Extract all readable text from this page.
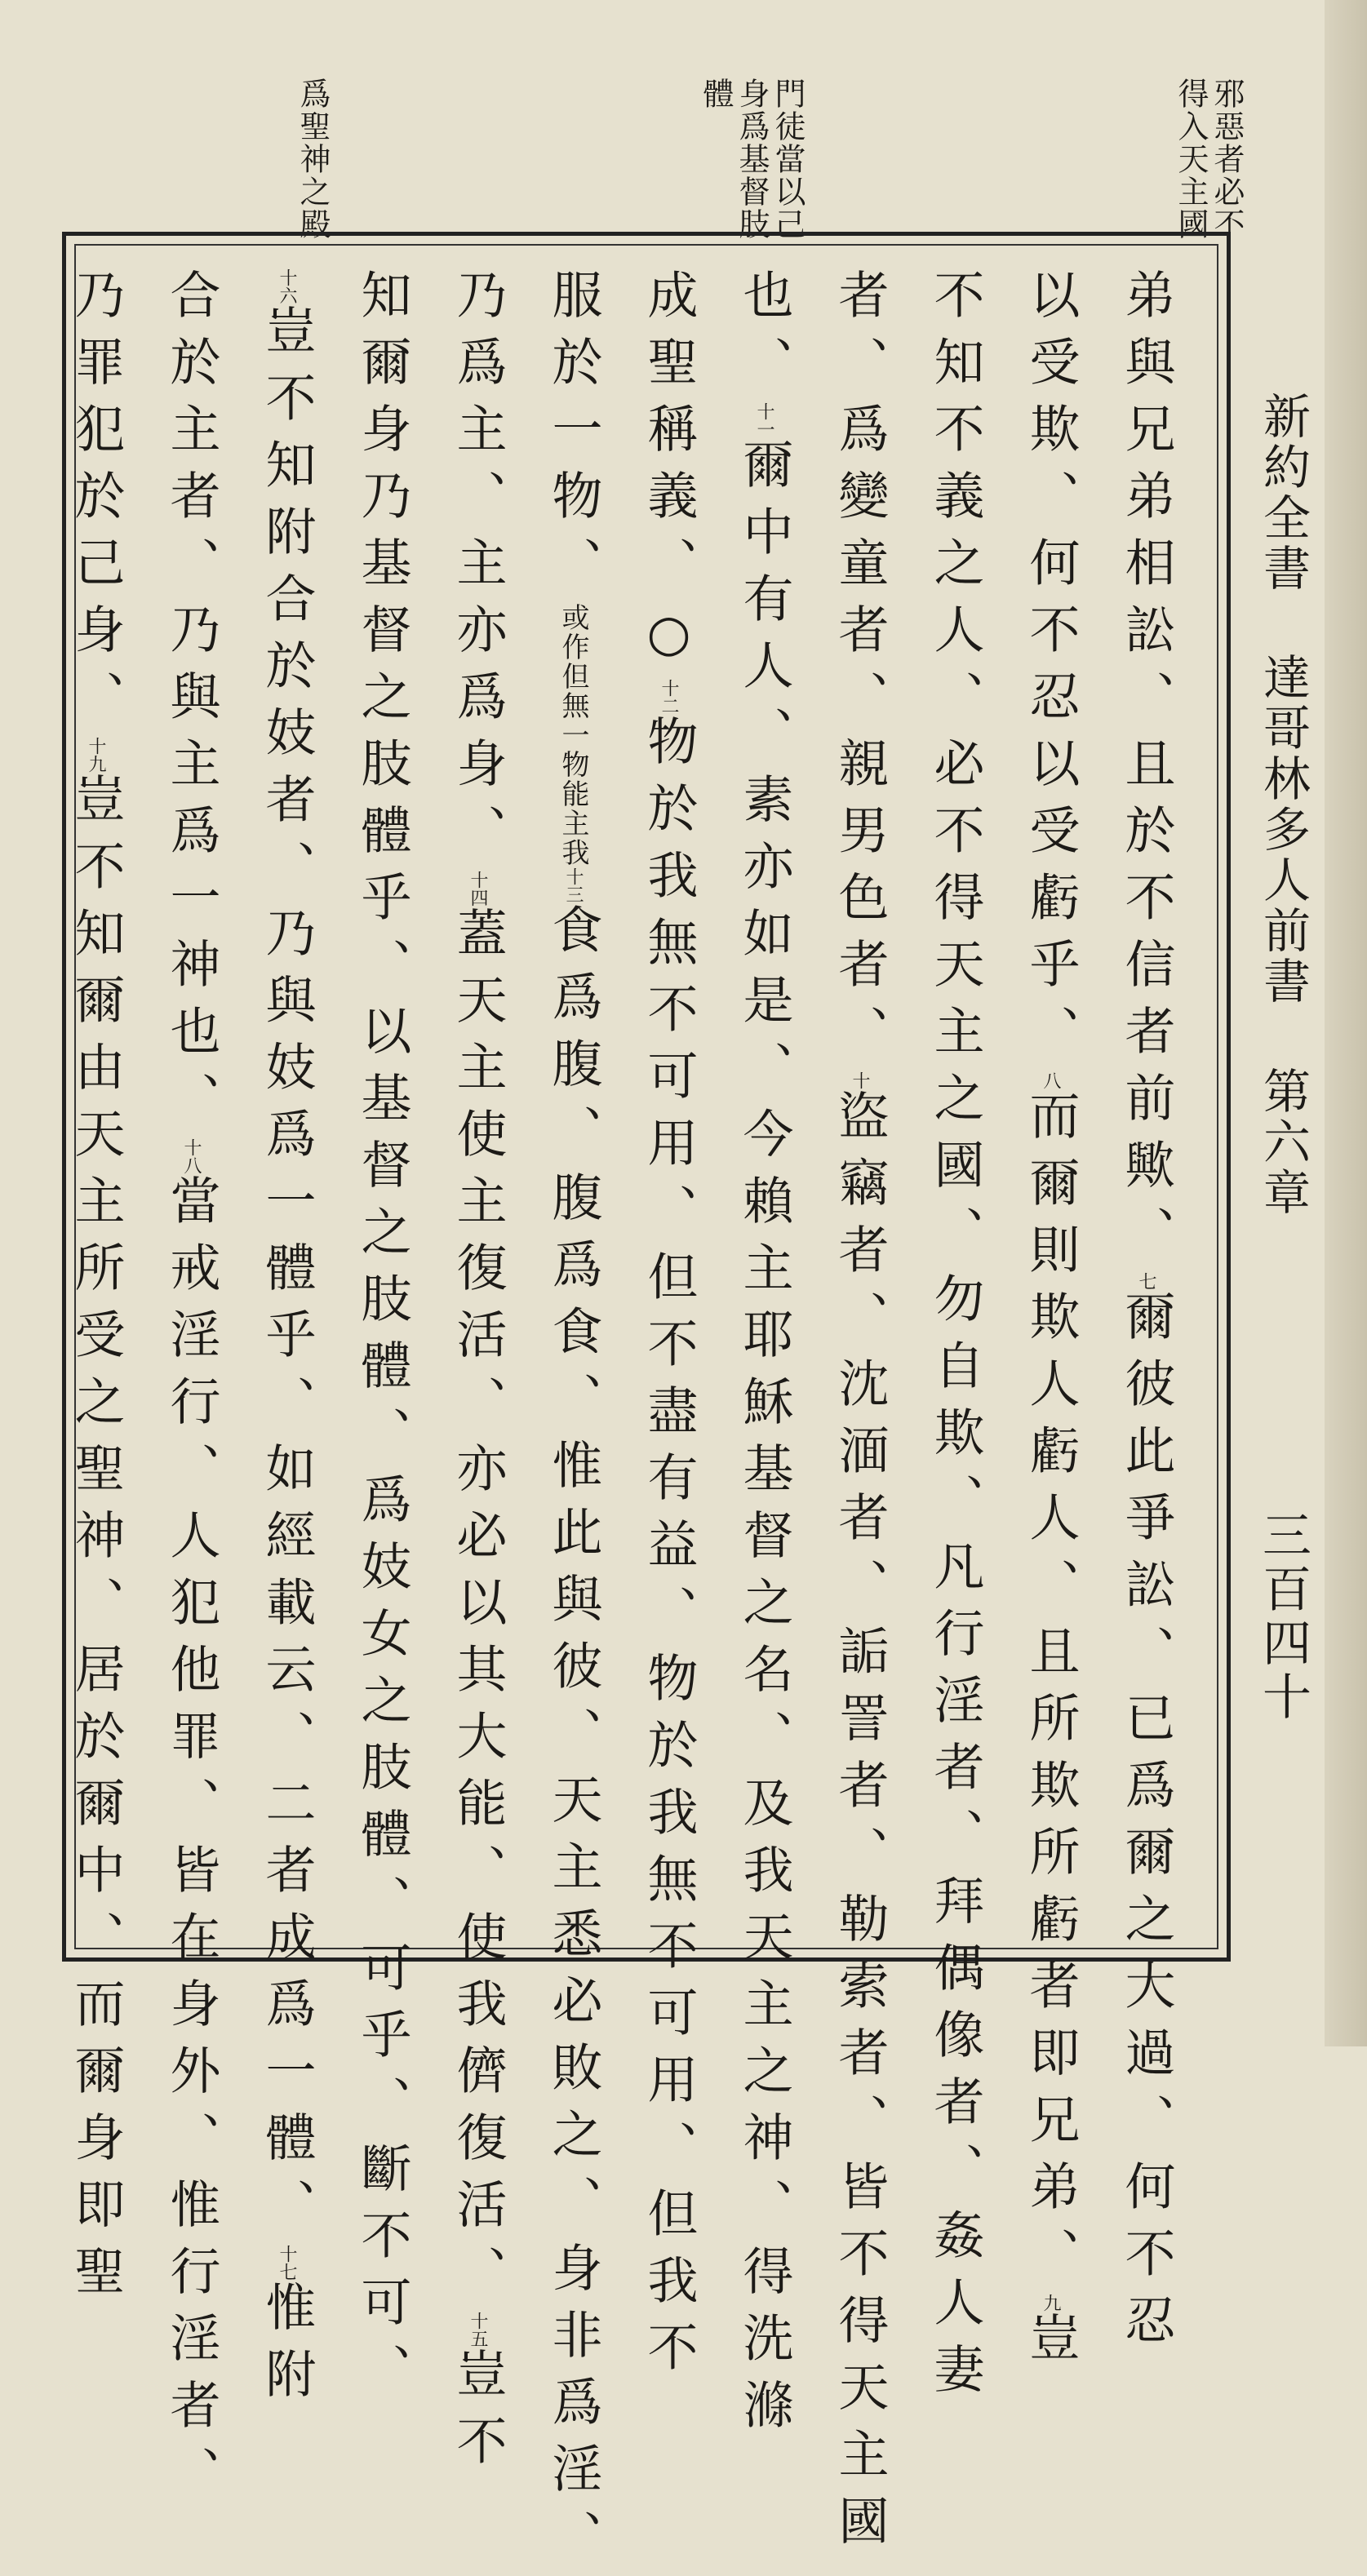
新約全書 達哥林多人前書 第六章
三百四十
邪惡者必不得入天主國 門徒當以己身爲基督肢體 爲聖神之殿
弟與兄弟相訟、且於不信者前歟、$^七$爾彼此爭訟、已爲爾之大過、何不忍
以受欺、何不忍以受虧乎、$^八$而爾則欺人虧人、且所欺所虧者即兄弟、$^九$豈
不知不義之人、必不得天主之國、勿自欺、凡行淫者、拜偶像者、姦人妻
者、爲變童者、親男色者、$^十$盜竊者、沈湎者、詬詈者、勒索者、皆不得天主國
也、$^{十一}$爾中有人、素亦如是、今賴主耶穌基督之名、及我天主之神、得洗滌
成聖稱義、○$^{十二}$物於我無不可用、但不盡有益、物於我無不可用、但我不
服於一物、或作但無一物能主我$^{十三}$食爲腹、腹爲食、惟此與彼、天主悉必敗之、身非爲淫、
乃爲主、主亦爲身、$^{十四}$蓋天主使主復活、亦必以其大能、使我儕復活、$^{十五}$豈不
知爾身乃基督之肢體乎、以基督之肢體、爲妓女之肢體、可乎、斷不可、
$^{十六}$豈不知附合於妓者、乃與妓爲一體乎、如經載云、二者成爲一體、$^{十七}$惟附
合於主者、乃與主爲一神也、$^{十八}$當戒淫行、人犯他罪、皆在身外、惟行淫者、
乃罪犯於己身、$^{十九}$豈不知爾由天主所受之聖神、居於爾中、而爾身即聖
